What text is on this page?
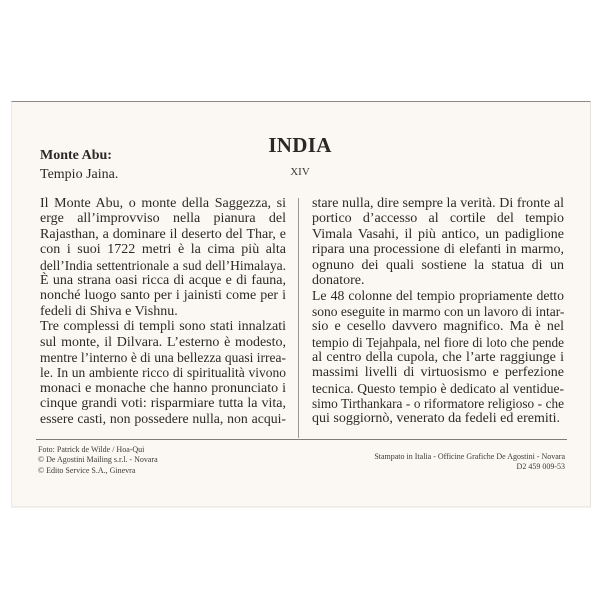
INDIA
XIV
Monte Abu:
Tempio Jaina.
Il Monte Abu, o monte della Saggezza, si
erge all’improvviso nella pianura del
Rajasthan, a dominare il deserto del Thar, e
con i suoi 1722 metri è la cima più alta
dell’India settentrionale a sud dell’Himalaya.
È una strana oasi ricca di acque e di fauna,
nonché luogo santo per i jainisti come per i
fedeli di Shiva e Vishnu.
Tre complessi di templi sono stati innalzati
sul monte, il Dilvara. L’esterno è modesto,
mentre l’interno è di una bellezza quasi irrea-
le. In un ambiente ricco di spiritualità vivono
monaci e monache che hanno pronunciato i
cinque grandi voti: risparmiare tutta la vita,
essere casti, non possedere nulla, non acqui-
stare nulla, dire sempre la verità. Di fronte al
portico d’accesso al cortile del tempio
Vimala Vasahi, il più antico, un padiglione
ripara una processione di elefanti in marmo,
ognuno dei quali sostiene la statua di un
donatore.
Le 48 colonne del tempio propriamente detto
sono eseguite in marmo con un lavoro di intar-
sio e cesello davvero magnifico. Ma è nel
tempio di Tejahpala, nel fiore di loto che pende
al centro della cupola, che l’arte raggiunge i
massimi livelli di virtuosismo e perfezione
tecnica. Questo tempio è dedicato al ventidue-
simo Tirthankara - o riformatore religioso - che
qui soggiornò, venerato da fedeli ed eremiti.
Foto: Patrick de Wilde / Hoa-Qui
© De Agostini Mailing s.r.l. - Novara
© Edito Service S.A., Ginevra
Stampato in Italia - Officine Grafiche De Agostini - Novara
D2 459 009-53
